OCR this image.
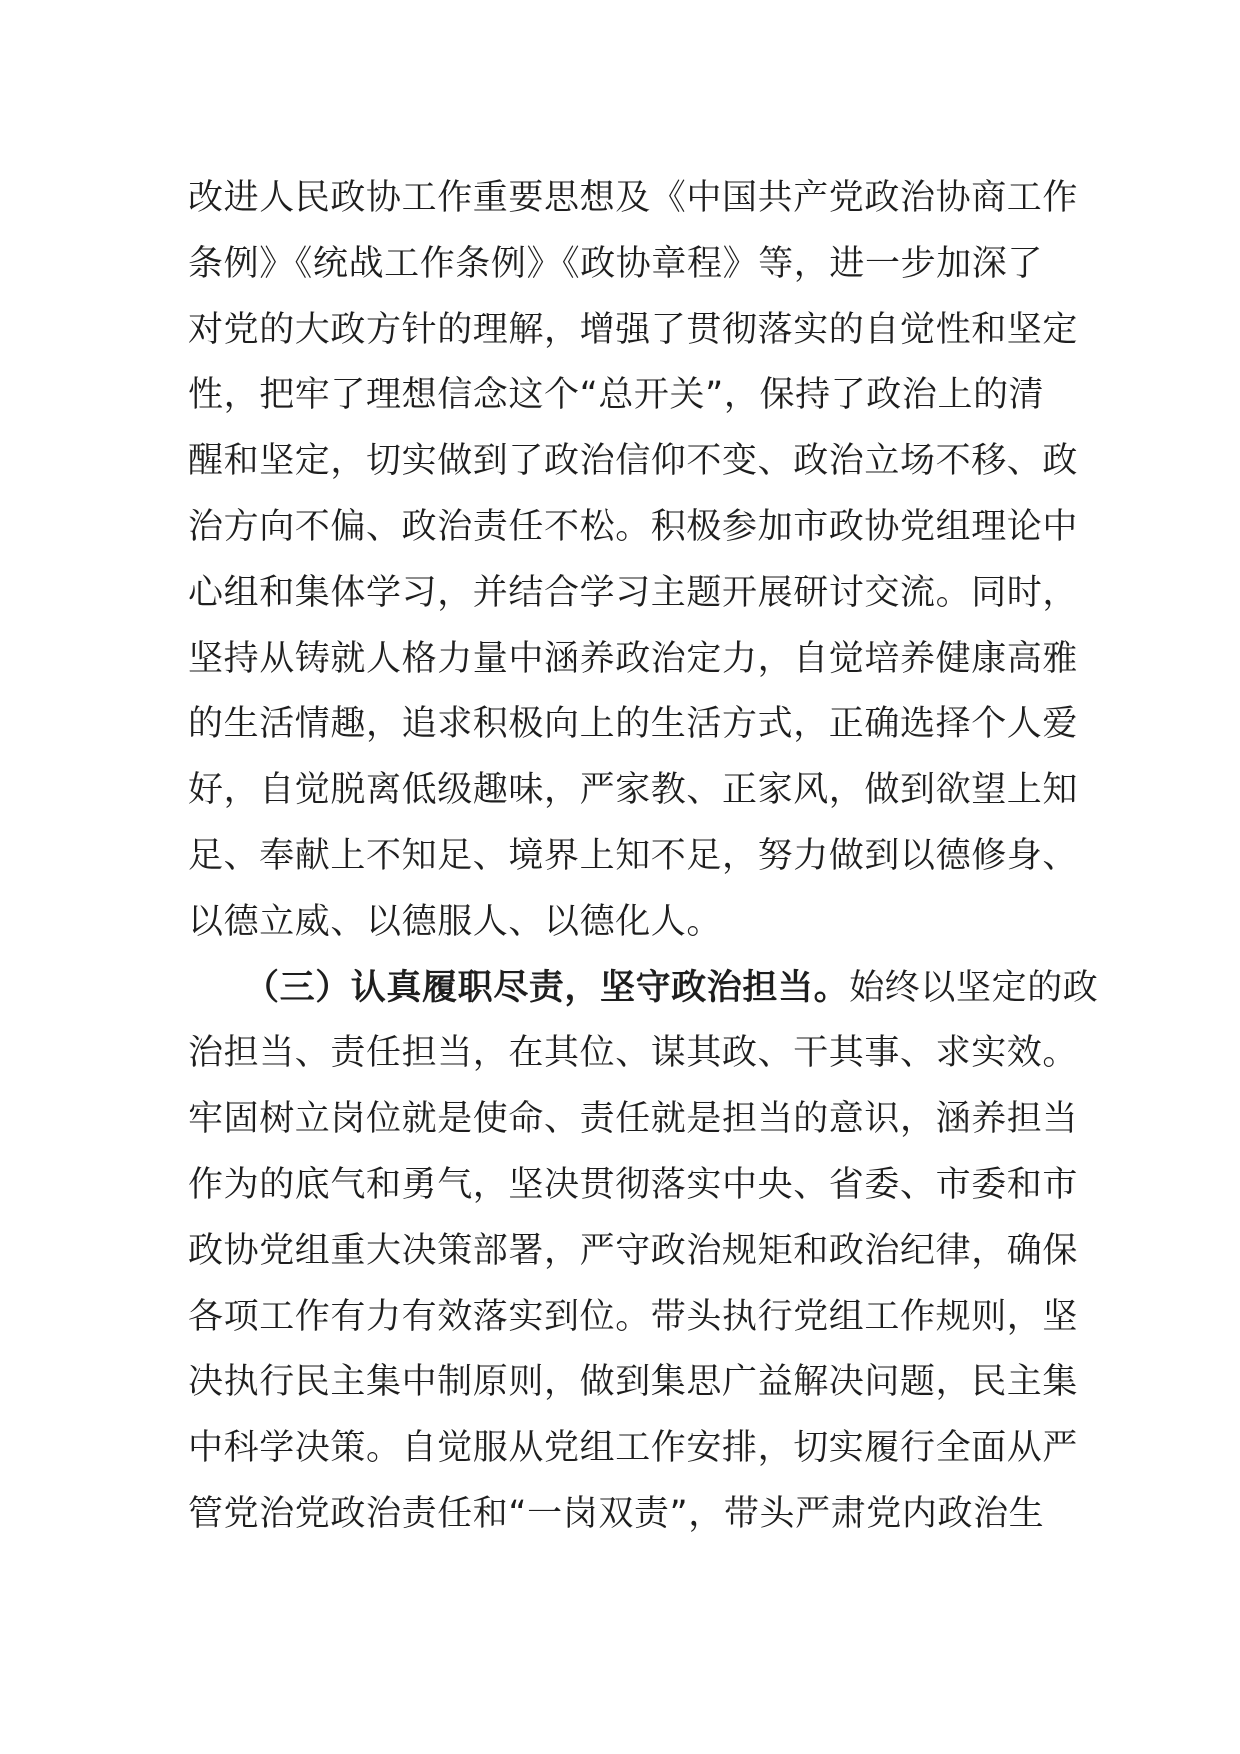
改进人民政协工作重要思想及《中国共产党政治协商工作
条例》《统战工作条例》《政协章程》等，进一步加深了
对党的大政方针的理解，增强了贯彻落实的自觉性和坚定
性，把牢了理想信念这个“总开关”，保持了政治上的清
醒和坚定，切实做到了政治信仰不变、政治立场不移、政
治方向不偏、政治责任不松。积极参加市政协党组理论中
心组和集体学习，并结合学习主题开展研讨交流。同时，
坚持从铸就人格力量中涵养政治定力，自觉培养健康高雅
的生活情趣，追求积极向上的生活方式，正确选择个人爱
好，自觉脱离低级趣味，严家教、正家风，做到欲望上知
足、奉献上不知足、境界上知不足，努力做到以德修身、
以德立威、以德服人、以德化人。
（三）认真履职尽责，坚守政治担当。始终以坚定的政
治担当、责任担当，在其位、谋其政、干其事、求实效。
牢固树立岗位就是使命、责任就是担当的意识，涵养担当
作为的底气和勇气，坚决贯彻落实中央、省委、市委和市
政协党组重大决策部署，严守政治规矩和政治纪律，确保
各项工作有力有效落实到位。带头执行党组工作规则，坚
决执行民主集中制原则，做到集思广益解决问题，民主集
中科学决策。自觉服从党组工作安排，切实履行全面从严
管党治党政治责任和“一岗双责”，带头严肃党内政治生
